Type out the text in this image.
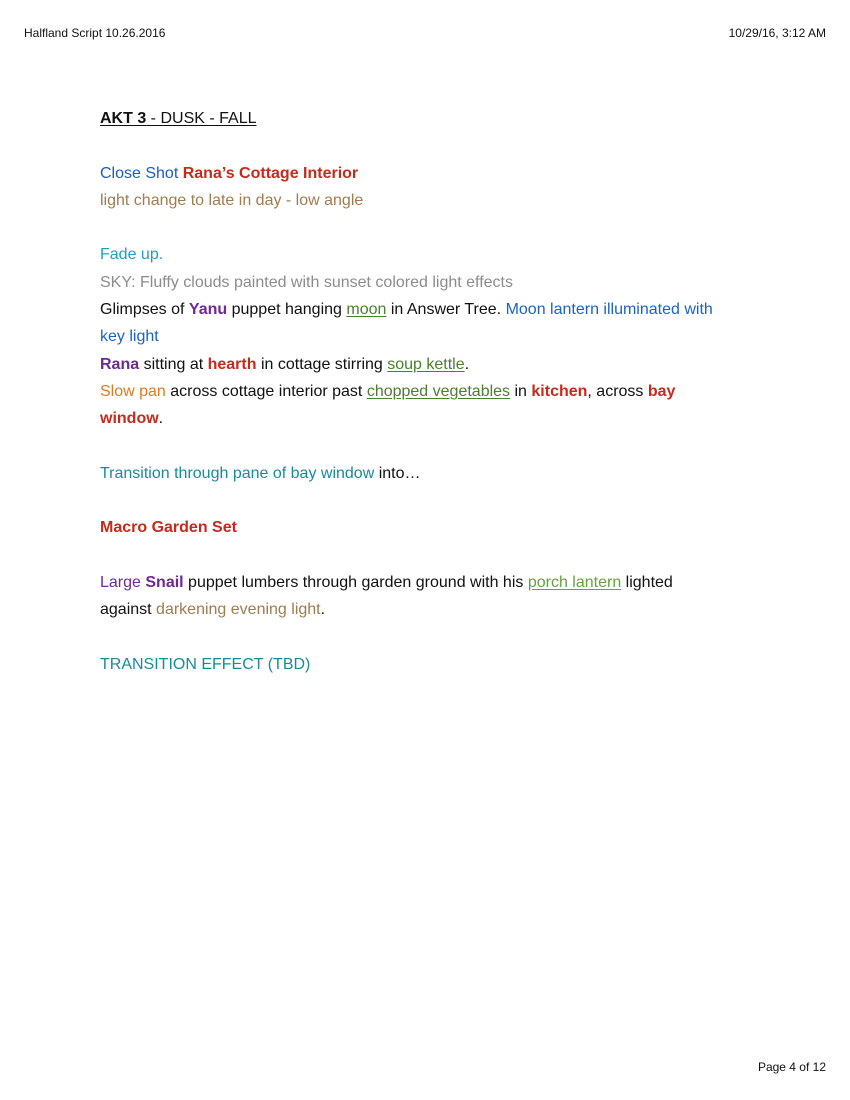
Halfland Script 10.26.2016	10/29/16, 3:12 AM

AKT 3 - DUSK - FALL

Close Shot Rana’s Cottage Interior

light change to late in day - low angle

Fade up.

SKY: Fluffy clouds painted with sunset colored light effects

Glimpses of Yanu puppet hanging moon in Answer Tree. Moon lantern illuminated with

key light

Rana sitting at hearth in cottage stirring soup kettle.

Slow pan across cottage interior past chopped vegetables in kitchen, across bay

window.

Transition through pane of bay window into…

Macro Garden Set

Large Snail puppet lumbers through garden ground with his porch lantern lighted

against darkening evening light.

TRANSITION EFFECT (TBD)

Page 4 of 12
